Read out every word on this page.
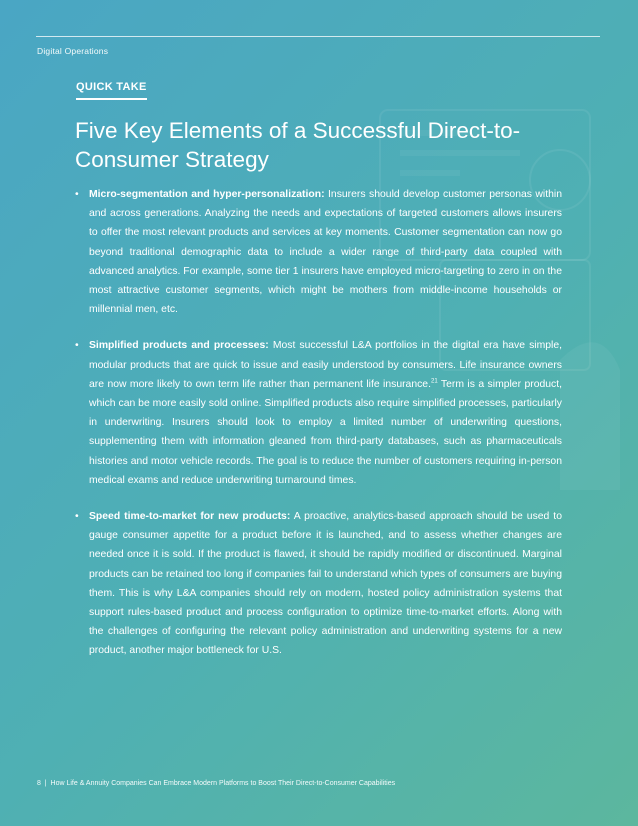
Digital Operations
QUICK TAKE
Five Key Elements of a Successful Direct-to-Consumer Strategy
• Micro-segmentation and hyper-personalization: Insurers should develop customer personas within and across generations. Analyzing the needs and expectations of targeted customers allows insurers to offer the most relevant products and services at key moments. Customer segmentation can now go beyond traditional demographic data to include a wider range of third-party data coupled with advanced analytics. For example, some tier 1 insurers have employed micro-targeting to zero in on the most attractive customer segments, which might be mothers from middle-income households or millennial men, etc.
• Simplified products and processes: Most successful L&A portfolios in the digital era have simple, modular products that are quick to issue and easily understood by consumers. Life insurance owners are now more likely to own term life rather than permanent life insurance.$^{21}$ Term is a simpler product, which can be more easily sold online. Simplified products also require simplified processes, particularly in underwriting. Insurers should look to employ a limited number of underwriting questions, supplementing them with information gleaned from third-party databases, such as pharmaceuticals histories and motor vehicle records. The goal is to reduce the number of customers requiring in-person medical exams and reduce underwriting turnaround times.
• Speed time-to-market for new products: A proactive, analytics-based approach should be used to gauge consumer appetite for a product before it is launched, and to assess whether changes are needed once it is sold. If the product is flawed, it should be rapidly modified or discontinued. Marginal products can be retained too long if companies fail to understand which types of consumers are buying them. This is why L&A companies should rely on modern, hosted policy administration systems that support rules-based product and process configuration to optimize time-to-market efforts. Along with the challenges of configuring the relevant policy administration and underwriting systems for a new product, another major bottleneck for U.S.
8 | How Life & Annuity Companies Can Embrace Modern Platforms to Boost Their Direct-to-Consumer Capabilities
